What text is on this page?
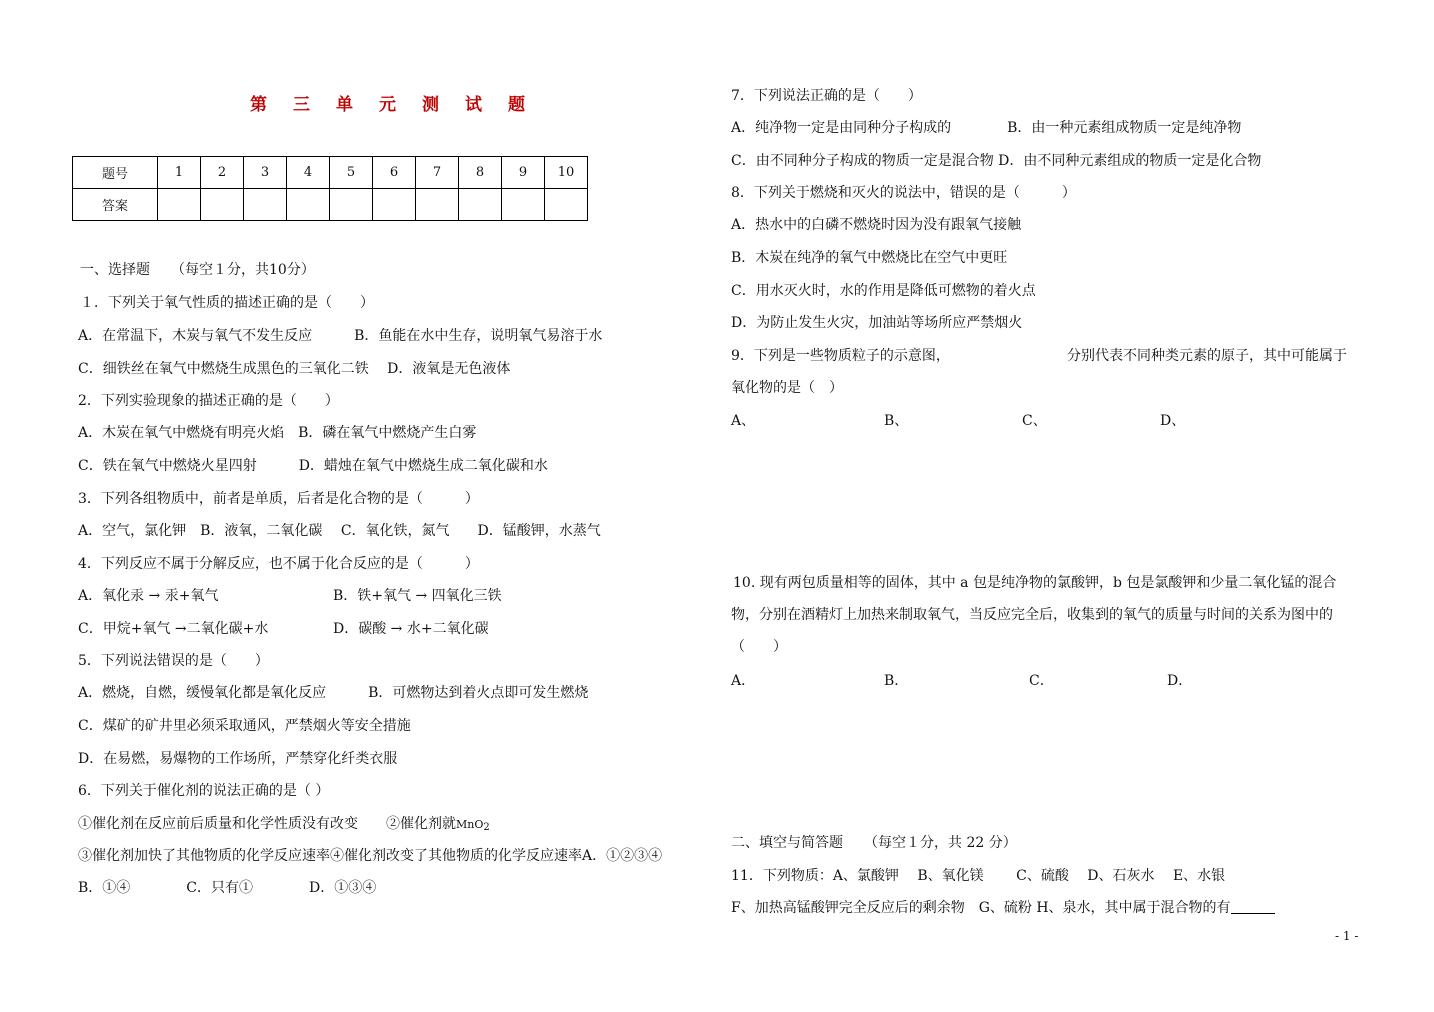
第三单元测试题
题号	1	2	3	4	5	6	7	8	9	10
答案										
一、选择题　　（每空１分，共10分）
１．下列关于氧气性质的描述正确的是（　　）
A．在常温下，木炭与氧气不发生反应　　　B．鱼能在水中生存，说明氧气易溶于水
C．细铁丝在氧气中燃烧生成黑色的三氧化二铁　 D．液氧是无色液体
2．下列实验现象的描述正确的是（　　）
A．木炭在氧气中燃烧有明亮火焰　B．磷在氧气中燃烧产生白雾
C．铁在氧气中燃烧火星四射　　　D．蜡烛在氧气中燃烧生成二氧化碳和水
3．下列各组物质中，前者是单质，后者是化合物的是（　　　）
A．空气，氯化钾　B．液氧，二氧化碳　 C．氧化铁，氮气　　D．锰酸钾，水蒸气
4．下列反应不属于分解反应，也不属于化合反应的是（　　　）
A．氧化汞 → 汞+氧气	B．铁+氧气 → 四氧化三铁
C．甲烷+氧气 →二氧化碳+水	D．碳酸 → 水+二氧化碳
5．下列说法错误的是（　　）
A．燃烧，自燃，缓慢氧化都是氧化反应　　　B．可燃物达到着火点即可发生燃烧
C．煤矿的矿井里必须采取通风，严禁烟火等安全措施
D．在易燃，易爆物的工作场所，严禁穿化纤类衣服
6．下列关于催化剂的说法正确的是（ ）
①催化剂在反应前后质量和化学性质没有改变　　②催化剂就MnO2
③催化剂加快了其他物质的化学反应速率④催化剂改变了其他物质的化学反应速率A．①②③④
B．①④　　　　C．只有①　　　　D．①③④
7．下列说法正确的是（　　）
A．纯净物一定是由同种分子构成的　　　　B．由一种元素组成物质一定是纯净物
C．由不同种分子构成的物质一定是混合物 D．由不同种元素组成的物质一定是化合物
8．下列关于燃烧和灭火的说法中，错误的是（　　　）
A．热水中的白磷不燃烧时因为没有跟氧气接触
B．木炭在纯净的氧气中燃烧比在空气中更旺
C．用水灭火时，水的作用是降低可燃物的着火点
D．为防止发生火灾，加油站等场所应严禁烟火
9．下列是一些物质粒子的示意图，	分别代表不同种类元素的原子，其中可能属于
氧化物的是（　）
A、	B、	C、	D、
10. 现有两包质量相等的固体，其中 a 包是纯净物的氯酸钾，b 包是氯酸钾和少量二氧化锰的混合
物，分别在酒精灯上加热来制取氧气，当反应完全后，收集到的氧气的质量与时间的关系为图中的
（　　）
A．	B．	C．	D．
二、填空与简答题　　（每空１分，共 22 分）
11．下列物质：A、氯酸钾　 B、氧化镁　　 C、硫酸　 D、石灰水　 E、水银
F、加热高锰酸钾完全反应后的剩余物　G、硫粉 H、泉水，其中属于混合物的有
- 1 -
